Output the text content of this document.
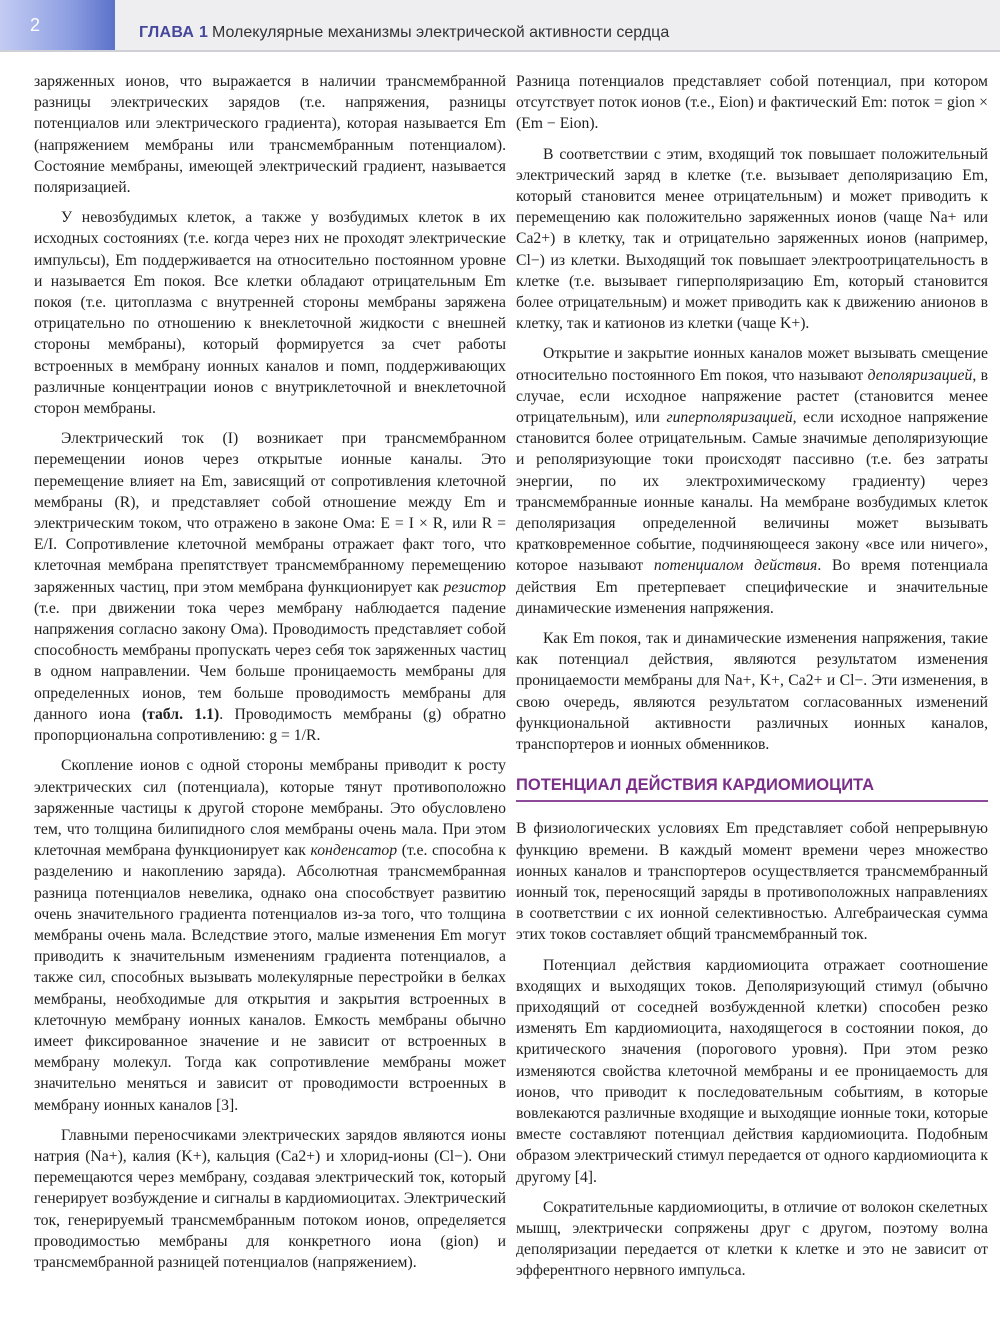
2	ГЛАВА 1 Молекулярные механизмы электрической активности сердца

заряженных ионов, что выражается в наличии трансмембранной разницы электрических зарядов (т.е. напряжения, разницы потенциалов или электрического градиента), которая называется Em (напряжением мембраны или трансмембранным потенциалом). Состояние мембраны, имеющей электрический градиент, называется поляризацией.

У невозбудимых клеток, а также у возбудимых клеток в их исходных состояниях (т.е. когда через них не проходят электрические импульсы), Em поддерживается на относительно постоянном уровне и называется Em покоя. Все клетки обладают отрицательным Em покоя (т.е. цитоплазма с внутренней стороны мембраны заряжена отрицательно по отношению к внеклеточной жидкости с внешней стороны мембраны), который формируется за счет работы встроенных в мембрану ионных каналов и помп, поддерживающих различные концентрации ионов с внутриклеточной и внеклеточной сторон мембраны.

Электрический ток (I) возникает при трансмембранном перемещении ионов через открытые ионные каналы. Это перемещение влияет на Em, зависящий от сопротивления клеточной мембраны (R), и представляет собой отношение между Em и электрическим током, что отражено в законе Ома: E = I × R, или R = E/I. Сопротивление клеточной мембраны отражает факт того, что клеточная мембрана препятствует трансмембранному перемещению заряженных частиц, при этом мембрана функционирует как резистор (т.е. при движении тока через мембрану наблюдается падение напряжения согласно закону Ома). Проводимость представляет собой способность мембраны пропускать через себя ток заряженных частиц в одном направлении. Чем больше проницаемость мембраны для определенных ионов, тем больше проводимость мембраны для данного иона (табл. 1.1). Проводимость мембраны (g) обратно пропорциональна сопротивлению: g = 1/R.

Скопление ионов с одной стороны мембраны приводит к росту электрических сил (потенциала), которые тянут противоположно заряженные частицы к другой стороне мембраны. Это обусловлено тем, что толщина билипидного слоя мембраны очень мала. При этом клеточная мембрана функционирует как конденсатор (т.е. способна к разделению и накоплению заряда). Абсолютная трансмембранная разница потенциалов невелика, однако она способствует развитию очень значительного градиента потенциалов из-за того, что толщина мембраны очень мала. Вследствие этого, малые изменения Em могут приводить к значительным изменениям градиента потенциалов, а также сил, способных вызывать молекулярные перестройки в белках мембраны, необходимые для открытия и закрытия встроенных в клеточную мембрану ионных каналов. Емкость мембраны обычно имеет фиксированное значение и не зависит от встроенных в мембрану молекул. Тогда как сопротивление мембраны может значительно меняться и зависит от проводимости встроенных в мембрану ионных каналов [3].

Главными переносчиками электрических зарядов являются ионы натрия (Na+), калия (K+), кальция (Ca2+) и хлорид-ионы (Cl−). Они перемещаются через мембрану, создавая электрический ток, который генерирует возбуждение и сигналы в кардиомиоцитах. Электрический ток, генерируемый трансмембранным потоком ионов, определяется проводимостью мембраны для конкретного иона (gion) и трансмембранной разницей потенциалов (напряжением).

Разница потенциалов представляет собой потенциал, при котором отсутствует поток ионов (т.е., Eion) и фактический Em: поток = gion × (Em − Eion).

В соответствии с этим, входящий ток повышает положительный электрический заряд в клетке (т.е. вызывает деполяризацию Em, который становится менее отрицательным) и может приводить к перемещению как положительно заряженных ионов (чаще Na+ или Ca2+) в клетку, так и отрицательно заряженных ионов (например, Cl−) из клетки. Выходящий ток повышает электроотрицательность в клетке (т.е. вызывает гиперполяризацию Em, который становится более отрицательным) и может приводить как к движению анионов в клетку, так и катионов из клетки (чаще K+).

Открытие и закрытие ионных каналов может вызывать смещение относительно постоянного Em покоя, что называют деполяризацией, в случае, если исходное напряжение растет (становится менее отрицательным), или гиперполяризацией, если исходное напряжение становится более отрицательным. Самые значимые деполяризующие и реполяризующие токи происходят пассивно (т.е. без затраты энергии, по их электрохимическому градиенту) через трансмембранные ионные каналы. На мембране возбудимых клеток деполяризация определенной величины может вызывать кратковременное событие, подчиняющееся закону «все или ничего», которое называют потенциалом действия. Во время потенциала действия Em претерпевает специфические и значительные динамические изменения напряжения.

Как Em покоя, так и динамические изменения напряжения, такие как потенциал действия, являются результатом изменения проницаемости мембраны для Na+, K+, Ca2+ и Cl−. Эти изменения, в свою очередь, являются результатом согласованных изменений функциональной активности различных ионных каналов, транспортеров и ионных обменников.

ПОТЕНЦИАЛ ДЕЙСТВИЯ КАРДИОМИОЦИТА

В физиологических условиях Em представляет собой непрерывную функцию времени. В каждый момент времени через множество ионных каналов и транспортеров осуществляется трансмембранный ионный ток, переносящий заряды в противоположных направлениях в соответствии с их ионной селективностью. Алгебраическая сумма этих токов составляет общий трансмембранный ток.

Потенциал действия кардиомиоцита отражает соотношение входящих и выходящих токов. Деполяризующий стимул (обычно приходящий от соседней возбужденной клетки) способен резко изменять Em кардиомиоцита, находящегося в состоянии покоя, до критического значения (порогового уровня). При этом резко изменяются свойства клеточной мембраны и ее проницаемость для ионов, что приводит к последовательным событиям, в которые вовлекаются различные входящие и выходящие ионные токи, которые вместе составляют потенциал действия кардиомиоцита. Подобным образом электрический стимул передается от одного кардиомиоцита к другому [4].

Сократительные кардиомиоциты, в отличие от волокон скелетных мышц, электрически сопряжены друг с другом, поэтому волна деполяризации передается от клетки к клетке и это не зависит от эфферентного нервного импульса.
